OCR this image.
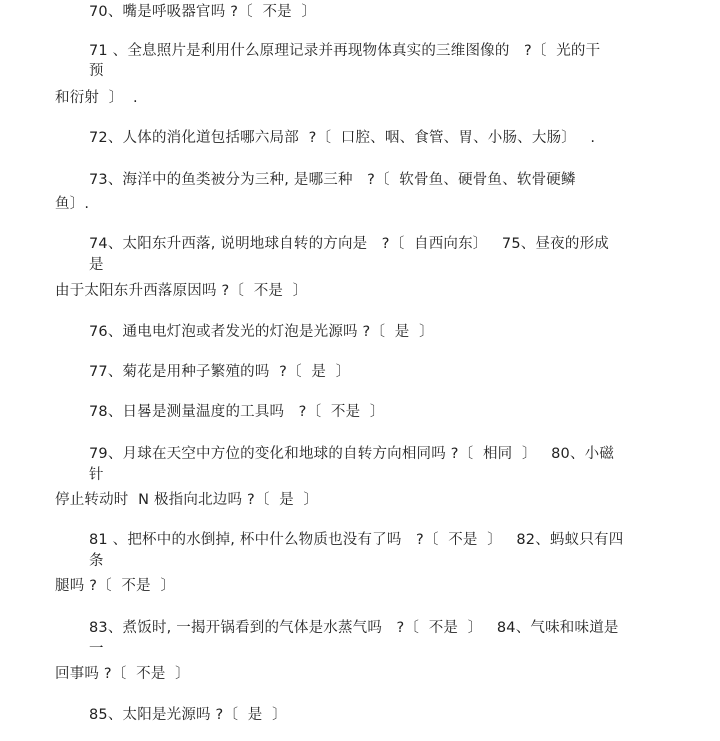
70、嘴是呼吸器官吗 ?〔  不是  〕
71 、全息照片是利用什么原理记录并再现物体真实的三维图像的   ?〔  光的干
预
和衍射  〕  .
72、人体的消化道包括哪六局部  ?〔  口腔、咽、食管、胃、小肠、大肠〕   .
73、海洋中的鱼类被分为三种, 是哪三种   ?〔  软骨鱼、硬骨鱼、软骨硬鳞
鱼〕.
74、太阳东升西落, 说明地球自转的方向是   ?〔  自西向东〕   75、昼夜的形成
是
由于太阳东升西落原因吗 ?〔  不是  〕
76、通电电灯泡或者发光的灯泡是光源吗 ?〔  是  〕
77、菊花是用种子繁殖的吗  ?〔  是  〕
78、日晷是测量温度的工具吗   ?〔  不是  〕
79、月球在天空中方位的变化和地球的自转方向相同吗 ?〔  相同  〕   80、小磁
针
停止转动时  N 极指向北边吗 ?〔  是  〕
81 、把杯中的水倒掉, 杯中什么物质也没有了吗   ?〔  不是  〕   82、蚂蚁只有四
条
腿吗 ?〔  不是  〕
83、煮饭时, 一揭开锅看到的气体是水蒸气吗   ?〔  不是  〕   84、气味和味道是
一
回事吗 ?〔  不是  〕
85、太阳是光源吗 ?〔  是  〕
